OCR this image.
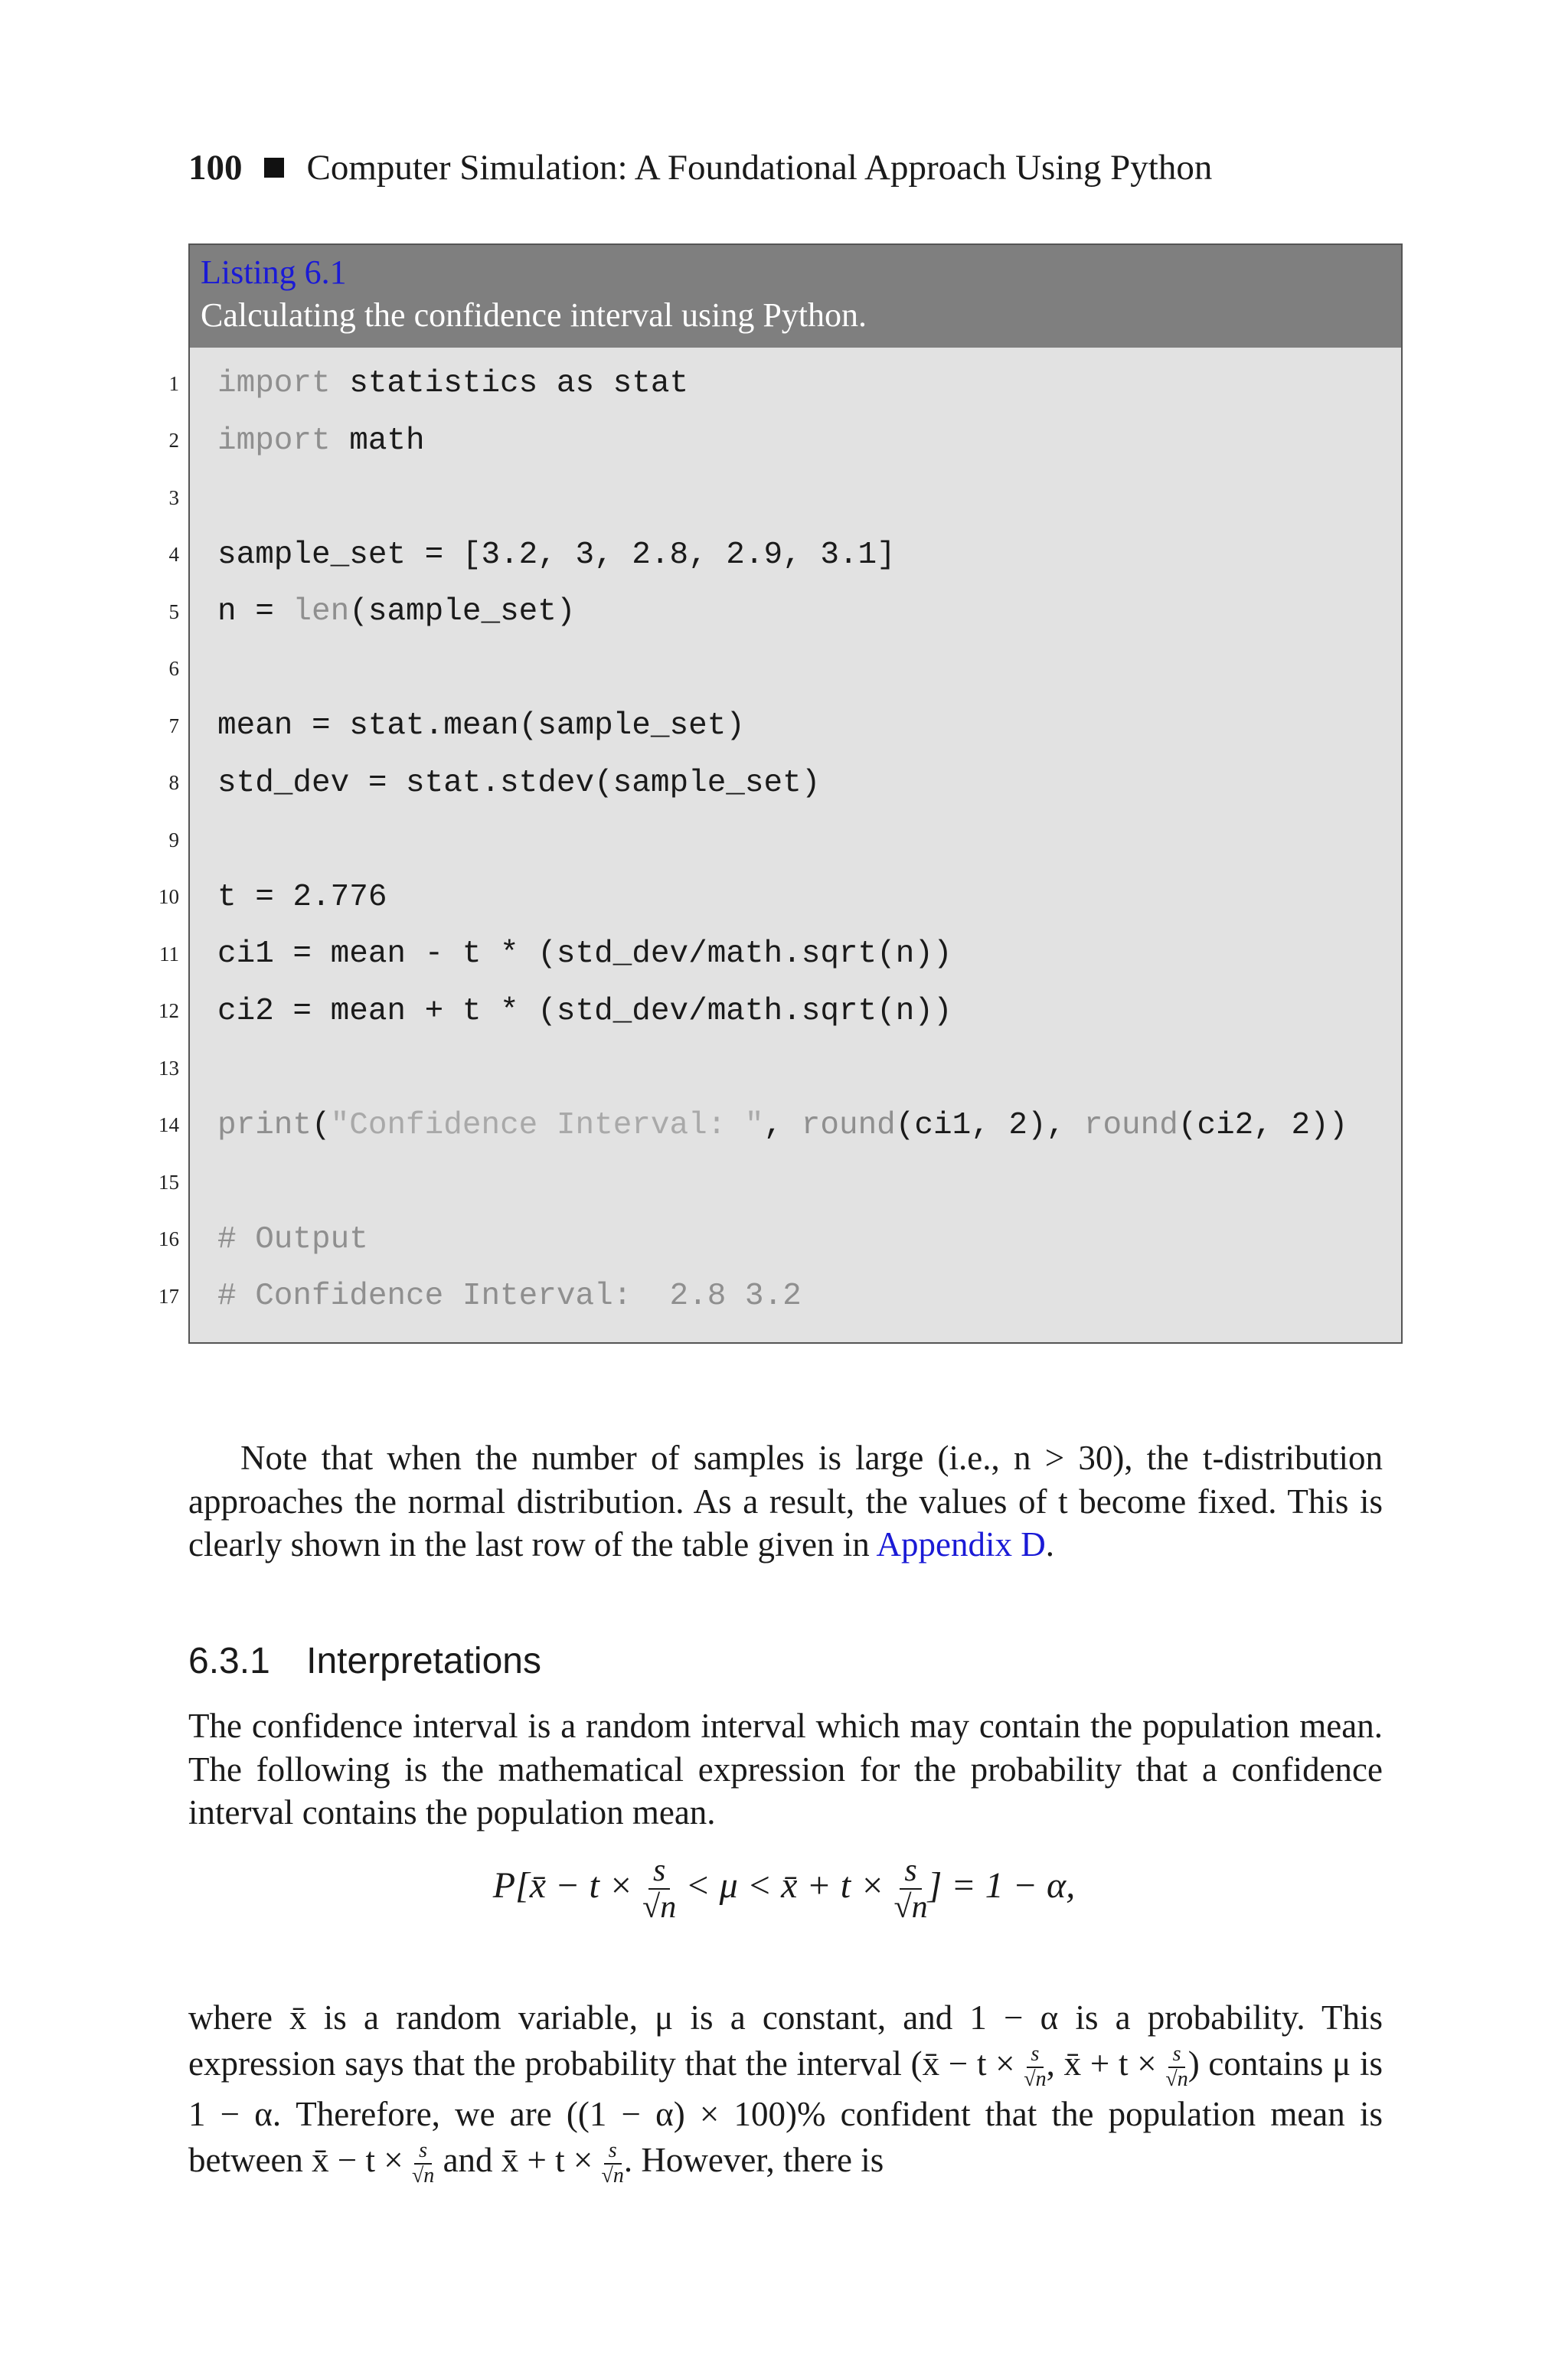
100 Computer Simulation: A Foundational Approach Using Python
Listing 6.1
Calculating the confidence interval using Python.
1	import statistics as stat
2	import math
3
4	sample_set = [3.2, 3, 2.8, 2.9, 3.1]
5	n = len(sample_set)
6
7	mean = stat.mean(sample_set)
8	std_dev = stat.stdev(sample_set)
9
10	t = 2.776
11	ci1 = mean - t * (std_dev/math.sqrt(n))
12	ci2 = mean + t * (std_dev/math.sqrt(n))
13
14	print("Confidence Interval: ", round(ci1, 2), round(ci2, 2))
15
16	# Output
17	# Confidence Interval:  2.8 3.2
Note that when the number of samples is large (i.e., n > 30), the t-distribution approaches the normal distribution. As a result, the values of t become fixed. This is clearly shown in the last row of the table given in Appendix D.
6.3.1 Interpretations
The confidence interval is a random interval which may contain the population mean. The following is the mathematical expression for the probability that a confidence interval contains the population mean.
P[x̄ − $t \times \frac{s}{√n} < \mu$ < x̄ + $t \times \frac{s}{√n}$ ] = 1 − α,
where x̄ is a random variable, μ is a constant, and 1 − α is a probability. This expression says that the probability that the interval (x̄ − $t \times \frac{s}{√n}$ , x̄ + $t \times \frac{s}{√n}$ ) contains μ is 1 − α. Therefore, we are ((1 − α) × 100)% confident that the population mean is between x̄ − $t \times \frac{s}{√n}$ and x̄ + $t \times \frac{s}{√n}$ . However, there is
